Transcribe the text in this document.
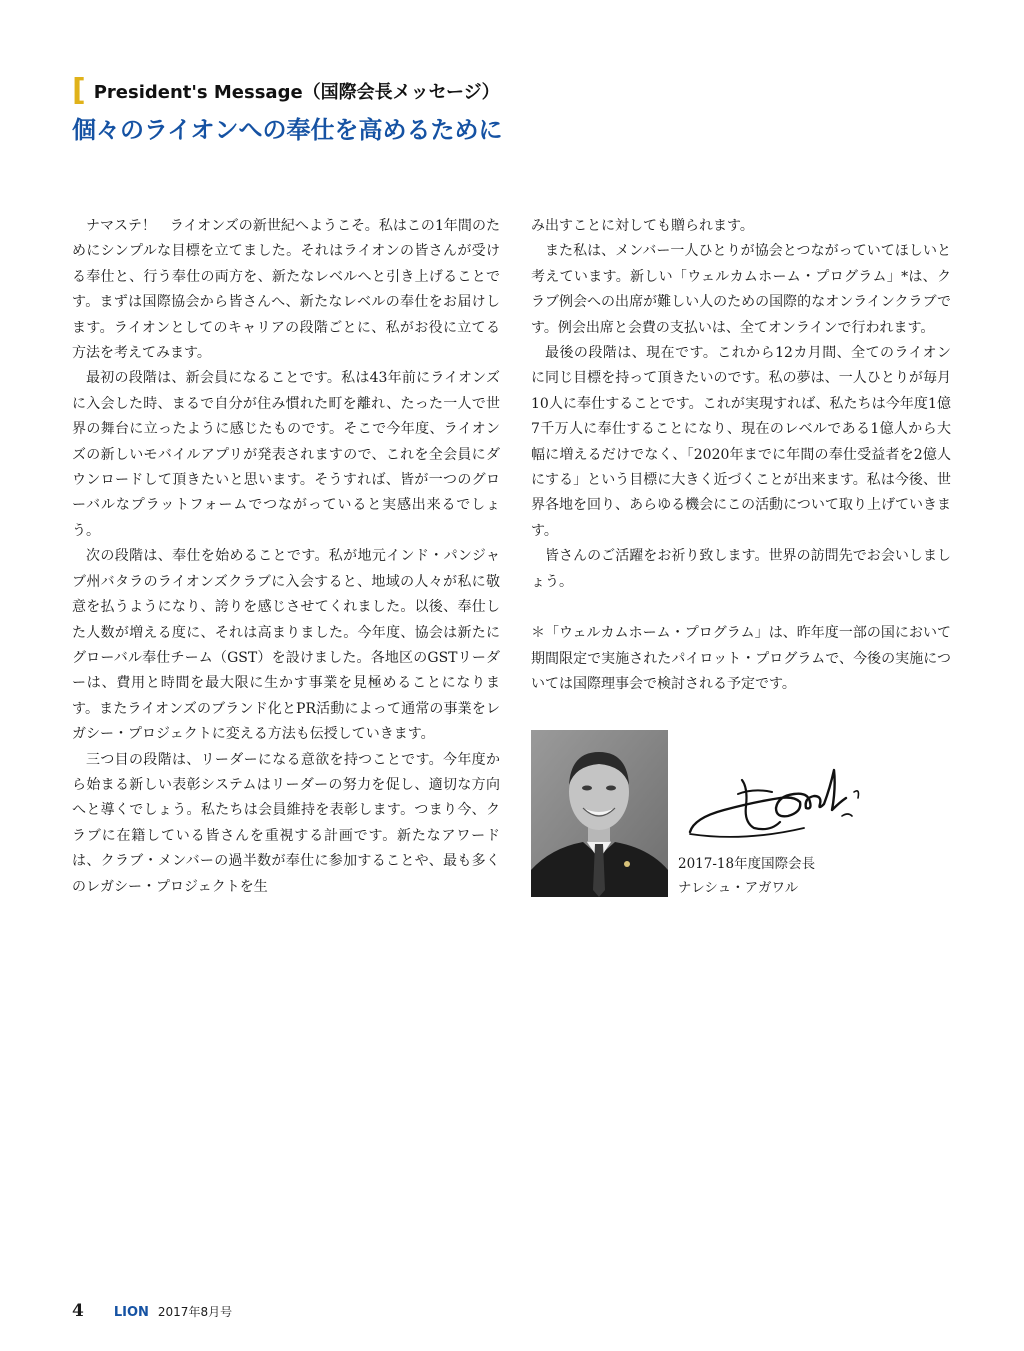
[ President's Message（国際会長メッセージ）
個々のライオンへの奉仕を高めるために

ナマステ！　ライオンズの新世紀へようこそ。私はこの1年間のためにシンプルな目標を立てました。それはライオンの皆さんが受ける奉仕と、行う奉仕の両方を、新たなレベルへと引き上げることです。まずは国際協会から皆さんへ、新たなレベルの奉仕をお届けします。ライオンとしてのキャリアの段階ごとに、私がお役に立てる方法を考えてみます。

最初の段階は、新会員になることです。私は43年前にライオンズに入会した時、まるで自分が住み慣れた町を離れ、たった一人で世界の舞台に立ったように感じたものです。そこで今年度、ライオンズの新しいモバイルアプリが発表されますので、これを全会員にダウンロードして頂きたいと思います。そうすれば、皆が一つのグローバルなプラットフォームでつながっていると実感出来るでしょう。

次の段階は、奉仕を始めることです。私が地元インド・パンジャブ州バタラのライオンズクラブに入会すると、地域の人々が私に敬意を払うようになり、誇りを感じさせてくれました。以後、奉仕した人数が増える度に、それは高まりました。今年度、協会は新たにグローバル奉仕チーム（GST）を設けました。各地区のGSTリーダーは、費用と時間を最大限に生かす事業を見極めることになります。またライオンズのブランド化とPR活動によって通常の事業をレガシー・プロジェクトに変える方法も伝授していきます。

三つ目の段階は、リーダーになる意欲を持つことです。今年度から始まる新しい表彰システムはリーダーの努力を促し、適切な方向へと導くでしょう。私たちは会員維持を表彰します。つまり今、クラブに在籍している皆さんを重視する計画です。新たなアワードは、クラブ・メンバーの過半数が奉仕に参加することや、最も多くのレガシー・プロジェクトを生

み出すことに対しても贈られます。

また私は、メンバー一人ひとりが協会とつながっていてほしいと考えています。新しい「ウェルカムホーム・プログラム」*は、クラブ例会への出席が難しい人のための国際的なオンラインクラブです。例会出席と会費の支払いは、全てオンラインで行われます。

最後の段階は、現在です。これから12カ月間、全てのライオンに同じ目標を持って頂きたいのです。私の夢は、一人ひとりが毎月10人に奉仕することです。これが実現すれば、私たちは今年度1億7千万人に奉仕することになり、現在のレベルである1億人から大幅に増えるだけでなく、「2020年までに年間の奉仕受益者を2億人にする」という目標に大きく近づくことが出来ます。私は今後、世界各地を回り、あらゆる機会にこの活動について取り上げていきます。

皆さんのご活躍をお祈り致します。世界の訪問先でお会いしましょう。

＊「ウェルカムホーム・プログラム」は、昨年度一部の国において期間限定で実施されたパイロット・プログラムで、今後の実施については国際理事会で検討される予定です。

2017-18年度国際会長
ナレシュ・アガワル
4 LION 2017年8月号
